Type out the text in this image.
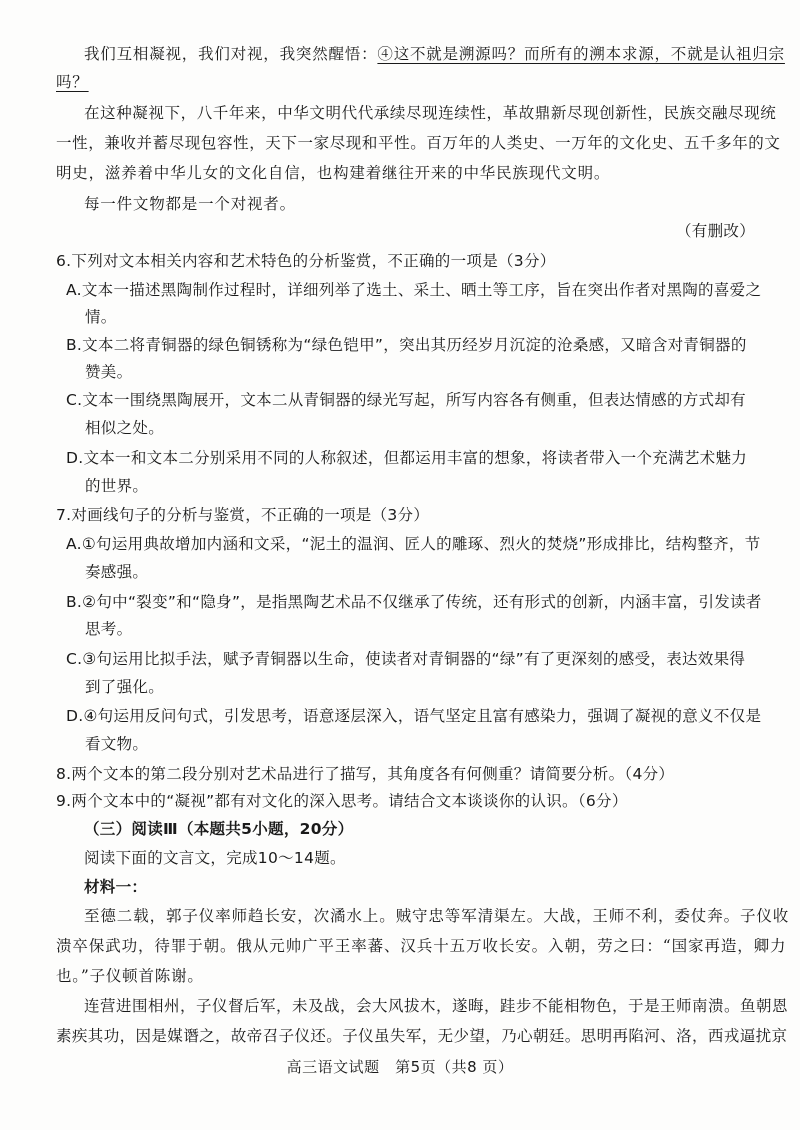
我们互相凝视，我们对视，我突然醒悟：④这不就是溯源吗？而所有的溯本求源，不就是认祖归宗
吗？
在这种凝视下，八千年来，中华文明代代承续尽现连续性，革故鼎新尽现创新性，民族交融尽现统
一性，兼收并蓄尽现包容性，天下一家尽现和平性。百万年的人类史、一万年的文化史、五千多年的文
明史，滋养着中华儿女的文化自信，也构建着继往开来的中华民族现代文明。
每一件文物都是一个对视者。
（有删改）
6.下列对文本相关内容和艺术特色的分析鉴赏，不正确的一项是（3分）
A.文本一描述黑陶制作过程时，详细列举了选土、采土、晒土等工序，旨在突出作者对黑陶的喜爱之
情。
B.文本二将青铜器的绿色铜锈称为“绿色铠甲”，突出其历经岁月沉淀的沧桑感，又暗含对青铜器的
赞美。
C.文本一围绕黑陶展开，文本二从青铜器的绿光写起，所写内容各有侧重，但表达情感的方式却有
相似之处。
D.文本一和文本二分别采用不同的人称叙述，但都运用丰富的想象，将读者带入一个充满艺术魅力
的世界。
7.对画线句子的分析与鉴赏，不正确的一项是（3分）
A.①句运用典故增加内涵和文采，“泥土的温润、匠人的雕琢、烈火的焚烧”形成排比，结构整齐，节
奏感强。
B.②句中“裂变”和“隐身”，是指黑陶艺术品不仅继承了传统，还有形式的创新，内涵丰富，引发读者
思考。
C.③句运用比拟手法，赋予青铜器以生命，使读者对青铜器的“绿”有了更深刻的感受，表达效果得
到了强化。
D.④句运用反问句式，引发思考，语意逐层深入，语气坚定且富有感染力，强调了凝视的意义不仅是
看文物。
8.两个文本的第二段分别对艺术品进行了描写，其角度各有何侧重？请简要分析。（4分）
9.两个文本中的“凝视”都有对文化的深入思考。请结合文本谈谈你的认识。（6分）
（三）阅读Ⅲ（本题共5小题，20分）
阅读下面的文言文，完成10～14题。
材料一：
至德二载，郭子仪率师趋长安，次潏水上。贼守忠等军清渠左。大战，王师不利，委仗奔。子仪收
溃卒保武功，待罪于朝。俄从元帅广平王率蕃、汉兵十五万收长安。入朝，劳之曰：“国家再造，卿力
也。”子仪顿首陈谢。
连营进围相州，子仪督后军，未及战，会大风拔木，遂晦，跬步不能相物色，于是王师南溃。鱼朝恩
素疾其功，因是媒谮之，故帝召子仪还。子仪虽失军，无少望，乃心朝廷。思明再陷河、洛，西戎逼扰京
高三语文试题　第5页（共8 页）
